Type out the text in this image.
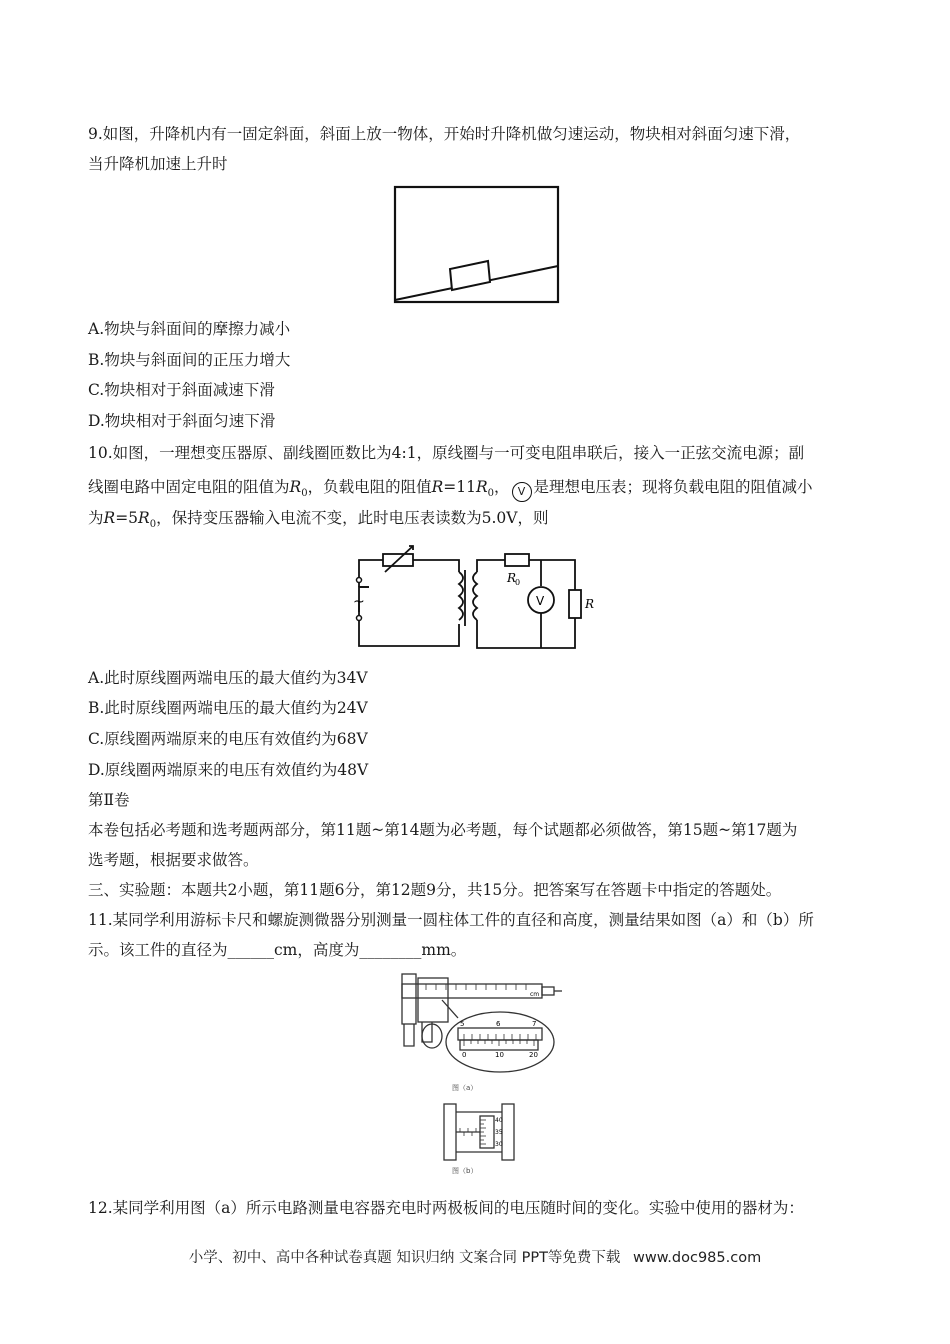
9.如图，升降机内有一固定斜面，斜面上放一物体，开始时升降机做匀速运动，物块相对斜面匀速下滑，
当升降机加速上升时
A.物块与斜面间的摩擦力减小
B.物块与斜面间的正压力增大
C.物块相对于斜面减速下滑
D.物块相对于斜面匀速下滑
10.如图，一理想变压器原、副线圈匝数比为4:1，原线圈与一可变电阻串联后，接入一正弦交流电源；副
线圈电路中固定电阻的阻值为$R_0$，负载电阻的阻值$R=11R_0$， V 是理想电压表；现将负载电阻的阻值减小
为$R=5R_0$，保持变压器输入电流不变，此时电压表读数为5.0V，则
~
R
0
V	R
A.此时原线圈两端电压的最大值约为34V
B.此时原线圈两端电压的最大值约为24V
C.原线圈两端原来的电压有效值约为68V
D.原线圈两端原来的电压有效值约为48V
第Ⅱ卷
本卷包括必考题和选考题两部分，第11题~第14题为必考题，每个试题都必须做答，第15题~第17题为
选考题，根据要求做答。
三、实验题：本题共2小题，第11题6分，第12题9分，共15分。把答案写在答题卡中指定的答题处。
11.某同学利用游标卡尺和螺旋测微器分别测量一圆柱体工件的直径和高度，测量结果如图（a）和（b）所
示。该工件的直径为______cm，高度为________mm。
cm
5	6	7
0	10	20
图（a）
40
35
30
图（b）
12.某同学利用图（a）所示电路测量电容器充电时两极板间的电压随时间的变化。实验中使用的器材为：
小学、初中、高中各种试卷真题 知识归纳 文案合同 PPT等免费下载 www.doc985.com
